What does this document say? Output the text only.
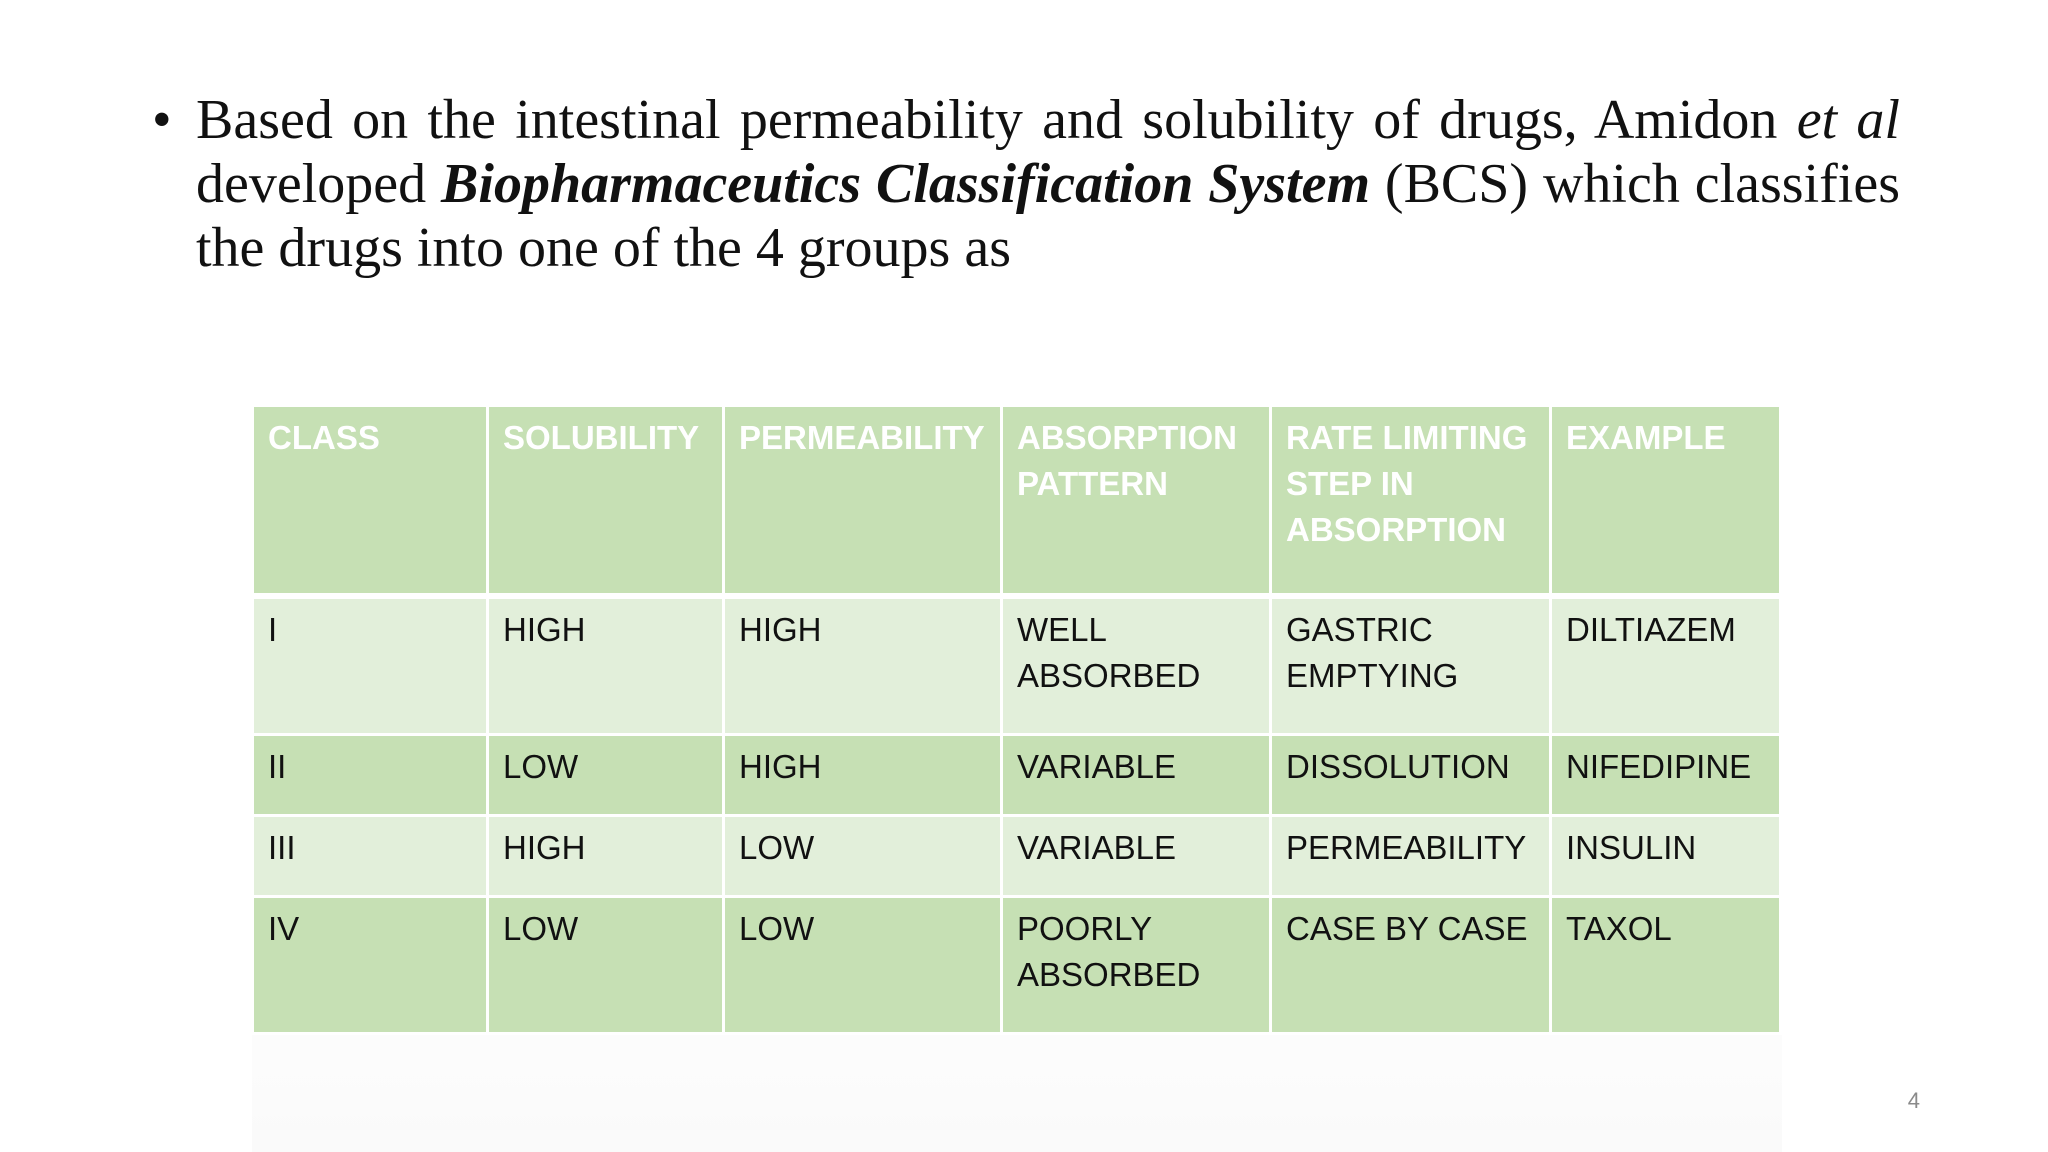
• Based on the intestinal permeability and solubility of drugs, Amidon et al developed Biopharmaceutics Classification System (BCS) which classifies the drugs into one of the 4 groups as
CLASS	SOLUBILITY	PERMEABILITY	ABSORPTION PATTERN	RATE LIMITING STEP IN ABSORPTION	EXAMPLE
I	HIGH	HIGH	WELL ABSORBED	GASTRIC EMPTYING	DILTIAZEM
II	LOW	HIGH	VARIABLE	DISSOLUTION	NIFEDIPINE
III	HIGH	LOW	VARIABLE	PERMEABILITY	INSULIN
IV	LOW	LOW	POORLY ABSORBED	CASE BY CASE	TAXOL
4
